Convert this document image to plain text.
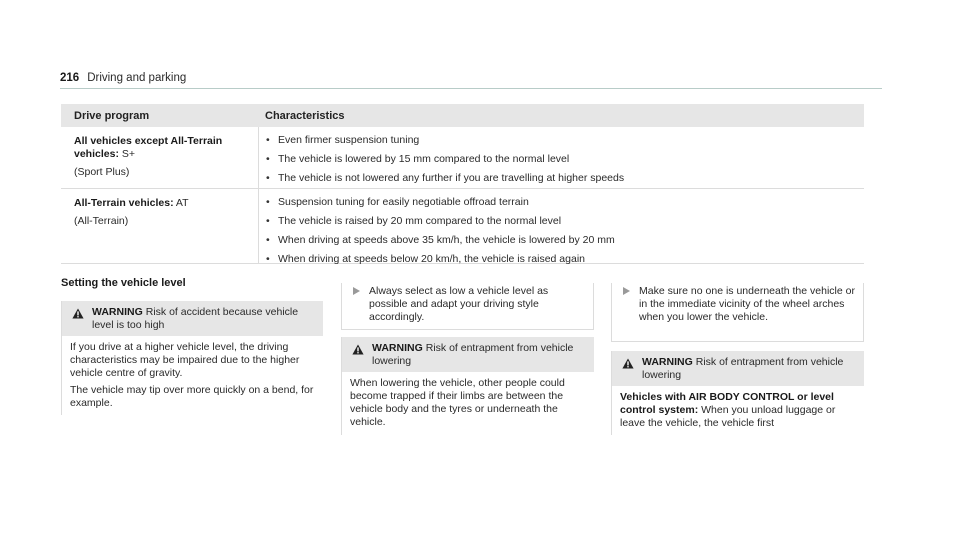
216 Driving and parking
Drive program	Characteristics

All vehicles except All-Terrain vehicles: S+

(Sport Plus)

• Even firmer suspension tuning
• The vehicle is lowered by 15 mm compared to the normal level
• The vehicle is not lowered any further if you are travelling at higher speeds

All-Terrain vehicles: AT

(All-Terrain)

• Suspension tuning for easily negotiable offroad terrain
• The vehicle is raised by 20 mm compared to the normal level
• When driving at speeds above 35 km/h, the vehicle is lowered by 20 mm
• When driving at speeds below 20 km/h, the vehicle is raised again
Setting the vehicle level
WARNING Risk of accident because vehicle level is too high

If you drive at a higher vehicle level, the driving characteristics may be impaired due to the higher vehicle centre of gravity.

The vehicle may tip over more quickly on a bend, for example.

Always select as low a vehicle level as possible and adapt your driving style accordingly.
WARNING Risk of entrapment from vehicle lowering

When lowering the vehicle, other people could become trapped if their limbs are between the vehicle body and the tyres or underneath the vehicle.

Make sure no one is underneath the vehicle or in the immediate vicinity of the wheel arches when you lower the vehicle.
WARNING Risk of entrapment from vehicle lowering

Vehicles with AIR BODY CONTROL or level control system: When you unload luggage or leave the vehicle, the vehicle first
